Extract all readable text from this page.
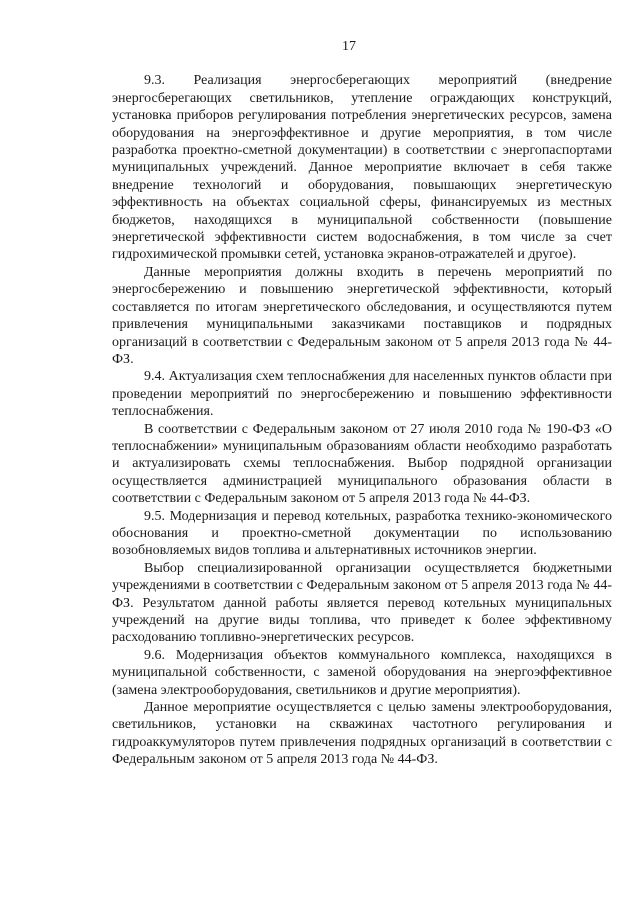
17

9.3. Реализация энергосберегающих мероприятий (внедрение энергосберегающих светильников, утепление ограждающих конструкций, установка приборов регулирования потребления энергетических ресурсов, замена оборудования на энергоэффективное и другие мероприятия, в том числе разработка проектно-сметной документации) в соответствии с энергопаспортами муниципальных учреждений. Данное мероприятие включает в себя также внедрение технологий и оборудования, повышающих энергетическую эффективность на объектах социальной сферы, финансируемых из местных бюджетов, находящихся в муниципальной собственности (повышение энергетической эффективности систем водоснабжения, в том числе за счет гидрохимической промывки сетей, установка экранов-отражателей и другое).

Данные мероприятия должны входить в перечень мероприятий по энергосбережению и повышению энергетической эффективности, который составляется по итогам энергетического обследования, и осуществляются путем привлечения муниципальными заказчиками поставщиков и подрядных организаций в соответствии с Федеральным законом от 5 апреля 2013 года № 44-ФЗ.

9.4. Актуализация схем теплоснабжения для населенных пунктов области при проведении мероприятий по энергосбережению и повышению эффективности теплоснабжения.

В соответствии с Федеральным законом от 27 июля 2010 года № 190-ФЗ «О теплоснабжении» муниципальным образованиям области необходимо разработать и актуализировать схемы теплоснабжения. Выбор подрядной организации осуществляется администрацией муниципального образования области в соответствии с Федеральным законом от 5 апреля 2013 года № 44-ФЗ.

9.5. Модернизация и перевод котельных, разработка технико-экономического обоснования и проектно-сметной документации по использованию возобновляемых видов топлива и альтернативных источников энергии.

Выбор специализированной организации осуществляется бюджетными учреждениями в соответствии с Федеральным законом от 5 апреля 2013 года № 44-ФЗ. Результатом данной работы является перевод котельных муниципальных учреждений на другие виды топлива, что приведет к более эффективному расходованию топливно-энергетических ресурсов.

9.6. Модернизация объектов коммунального комплекса, находящихся в муниципальной собственности, с заменой оборудования на энергоэффективное (замена электрооборудования, светильников и другие мероприятия).

Данное мероприятие осуществляется с целью замены электрооборудования, светильников, установки на скважинах частотного регулирования и гидроаккумуляторов путем привлечения подрядных организаций в соответствии с Федеральным законом от 5 апреля 2013 года № 44-ФЗ.
